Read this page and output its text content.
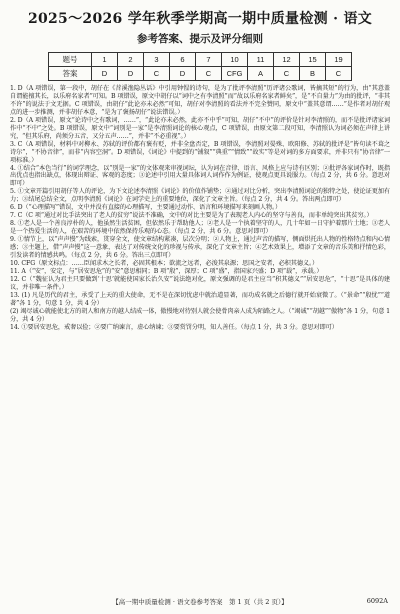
2025～2026 学年秋季学期高一期中质量检测 · 语文
参考答案、提示及评分细则
题号	1	2	3	6	7	10	11	12	15	19
答案	D	D	C	D	C	CFG	A	C	B	C

1. D（A 项错误，第一段中，胡仔在《苕溪渔隐丛话》中引用钟惺的诗句，是为了批评李清照“历评诸公歌词，皆摘其短”的行为，由“其意盖自谓能擅其长，以乐府名家者”可知。B 项错误，原文中胡仔以“词中之有李清照”而“故以乐府名家者鲜矣”，是“不自量力”为由的批评，“非其不许”的说法于文无据。C 项错误，由胡仔“此论亦未必然”可知，胡仔对李清照的看法并不完全赞同，原文中“盖其意谓……”是作者对胡仔观点的进一步推测，并非胡仔本意，“是为了褒扬胡仔”说法错误。）

2. D（A 项错误，原文“论诗中之有歌词，……”，“此论亦未必然，此亦不中乎”可知，胡仔“不中”的评价是针对李清照的，而不是批评诸家词作中“不中”之处。B 项错误，原文中“词别是一家”是李清照词论的核心观点，C 项错误，由原文第二段可知，李清照认为词必须在声律上讲究，“但其乐府，尚须分五音，又分五声……”，并非“不必重视”。）

3. C（A 项错误，材料中对柳永、苏轼的评价都有褒有贬，并非全盘否定，B 项错误，李清照对晏殊、欧阳修、苏轼的批评是“皆句读不葺之诗尔”，“不协音律”，而非“内容空洞”。D 项错误，《词论》中提到的“铺叙”“典重”“情致”“故实”等是对词的多方面要求，并非只有“协音律”一项标准。）

4. ①结合“本色当行”的词学理念，以“别是一家”的文体观来审视词坛，认为词在音律、语言、风格上应与诗有区别；②批评各家词作时，既指出优点也指出缺点，体现出辩证、客观的态度；③论述中引用大量具体词人词作作为例证，使观点更具说服力。（每点 2 分，共 6 分。意思对即可）

5. ①文章开篇引用胡仔等人的评论，为下文论述李清照《词论》的价值作铺垫；②通过对比分析，突出李清照词论的独特之处，使论证更加有力；③结尾总结全文，点明李清照《词论》在词学史上的重要地位，深化了文章主旨。（每点 2 分，共 4 分。答出两点即可）

6. D（“心理描写”错误，文中并没有直接的心理描写，主要通过动作、语言和环境描写来刻画人物。）

7. C（C 项“通过对比手法突出了老人的贫穷”说法不准确，文中的对比主要是为了表现老人内心的坚守与善良，而非单纯突出其贫穷。）

8. ①老人是一个善良淳朴的人，他虽然生活贫困，但依然乐于帮助他人；②老人是一个执着坚守的人，几十年如一日守护着那片土地；③老人是一个热爱生活的人，在艰苦的环境中依然保持乐观的心态。（每点 2 分，共 6 分。意思对即可）

9. ①情节上，以“声声慢”为线索，贯穿全文，使文章结构紧凑，层次分明；②人物上，通过声音的描写，侧面烘托出人物的性格特点和内心情感；③主题上，借“声声慢”这一意象，表达了对传统文化的珍视与传承，深化了文章主旨；④艺术效果上，增添了文章的音乐美和抒情色彩，引发读者的情感共鸣。（每点 2 分，共 6 分。答出三点即可）

10. CFG（原文标点：……臣闻求木之长者，必固其根本；欲流之远者，必浚其泉源；思国之安者，必积其德义。）

11. A（“安”，安定，与“居安思危”的“安”意思相同；B 项“殷”，深厚；C 项“盛”，指国家兴盛；D 项“载”，承载。）

12. C（“魏征认为君主只要做到‘十思’就能使国家长治久安”说法绝对化，原文强调的是君主应当“积其德义”“居安思危”，“十思”是具体的建议，并非唯一条件。）

13. (1) 凡是历代的君主，承受了上天的重大使命，无不是在深切忧虑中就治道显著，而功成名就之后德行就开始衰微了。（“景命”“殷忧”“道著”各 1 分，句意 1 分，共 4 分）

(2) 竭尽诚心就能使北方的胡人和南方的越人结成一体，傲慢地对待别人就会使骨肉亲人成为陌路之人。（“竭诚”“胡越”“傲物”各 1 分，句意 1 分，共 4 分）

14. ①要居安思危，戒奢以俭；②要广纳谏言，虚心纳谏；③要赏罚分明，知人善任。（每点 1 分，共 3 分。意思对即可）

【高一期中质量检测 · 语文卷参考答案　第 1 页（共 2 页）】	6092A
